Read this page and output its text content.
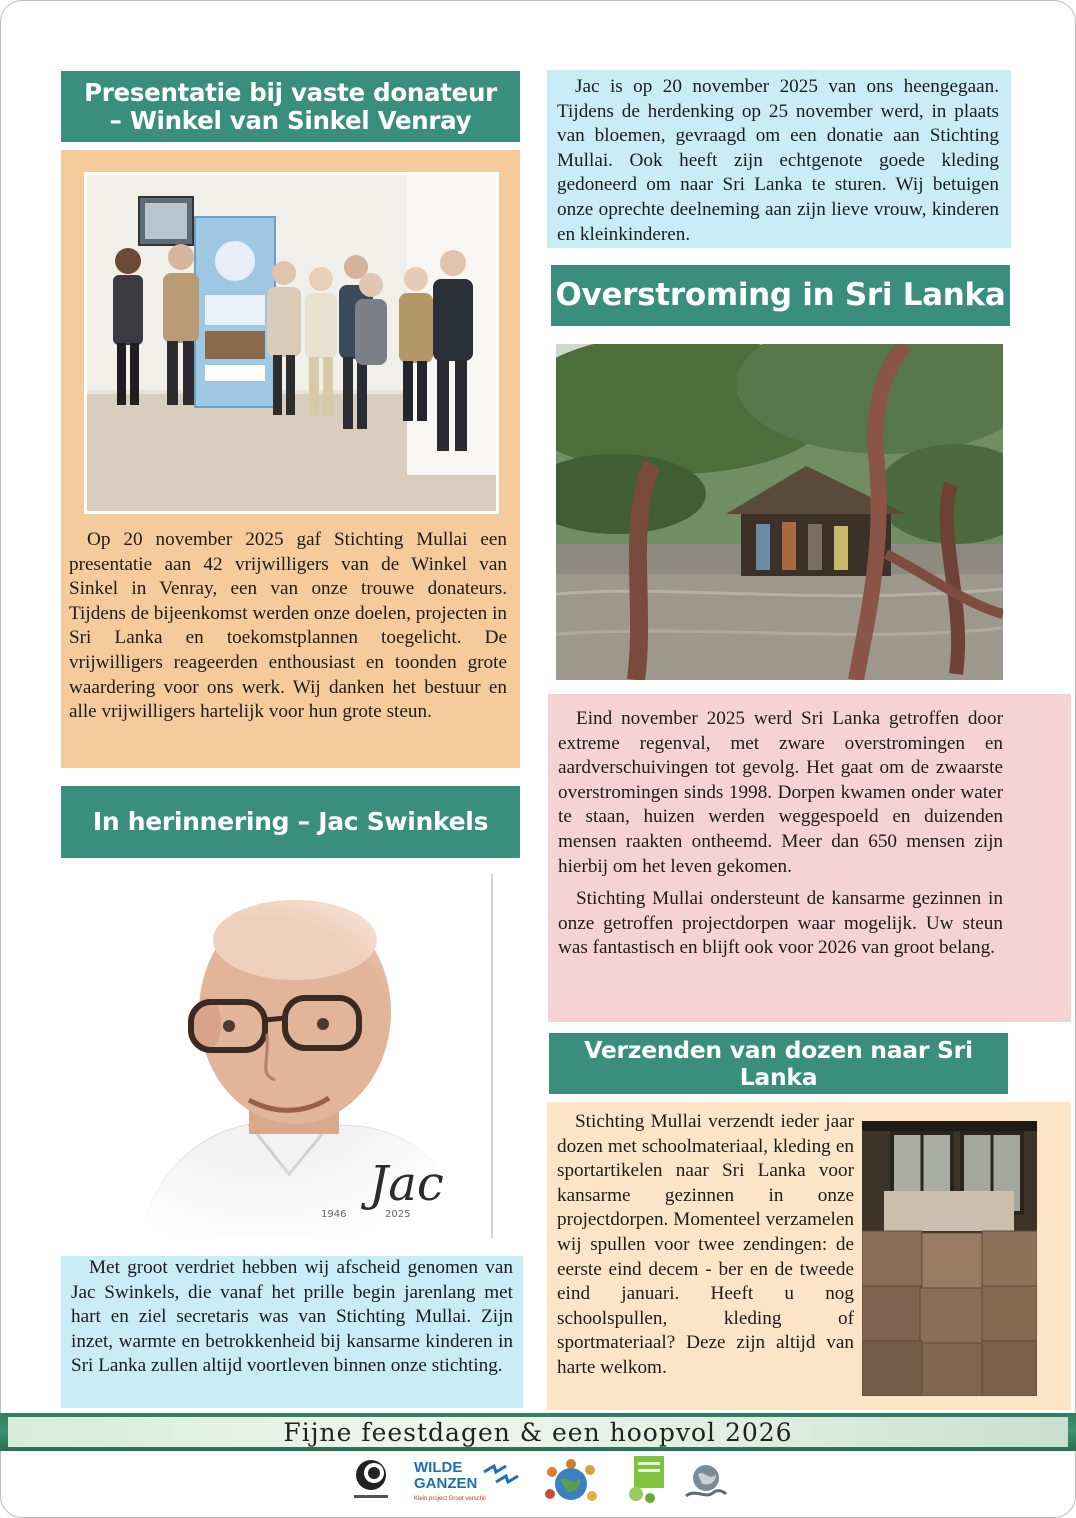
Presentatie bij vaste donateur – Winkel van Sinkel Venray

Op 20 november 2025 gaf Stichting Mullai een presentatie aan 42 vrijwilligers van de Winkel van Sinkel in Venray, een van onze trouwe donateurs. Tijdens de bijeenkomst werden onze doelen, projecten in Sri Lanka en toekomstplannen toegelicht. De vrijwilligers reageerden enthousiast en toonden grote waardering voor ons werk. Wij danken het bestuur en alle vrijwilligers hartelijk voor hun grote steun.

In herinnering – Jac Swinkels
Jac
1946	2025

Met groot verdriet hebben wij afscheid genomen van Jac Swinkels, die vanaf het prille begin jarenlang met hart en ziel secretaris was van Stichting Mullai. Zijn inzet, warmte en betrokkenheid bij kansarme kinderen in Sri Lanka zullen altijd voortleven binnen onze stichting.

Jac is op 20 november 2025 van ons heengegaan. Tijdens de herdenking op 25 november werd, in plaats van bloemen, gevraagd om een donatie aan Stichting Mullai. Ook heeft zijn echtgenote goede kleding gedoneerd om naar Sri Lanka te sturen. Wij betuigen onze oprechte deelneming aan zijn lieve vrouw, kinderen en kleinkinderen.

Overstroming in Sri Lanka

Eind november 2025 werd Sri Lanka getroffen door extreme regenval, met zware overstromingen en aardverschuivingen tot gevolg. Het gaat om de zwaarste overstromingen sinds 1998. Dorpen kwamen onder water te staan, huizen werden weggespoeld en duizenden mensen raakten ontheemd. Meer dan 650 mensen zijn hierbij om het leven gekomen.

Stichting Mullai ondersteunt de kansarme gezinnen in onze getroffen projectdorpen waar mogelijk. Uw steun was fantastisch en blijft ook voor 2026 van groot belang.

Verzenden van dozen naar Sri Lanka

Stichting Mullai verzendt ieder jaar dozen met schoolmateriaal, kleding en sportartikelen naar Sri Lanka voor kansarme gezinnen in onze projectdorpen. Momenteel verzamelen wij spullen voor twee zendingen: de eerste eind decem - ber en de tweede eind januari. Heeft u nog schoolspullen, kleding of sportmateriaal? Deze zijn altijd van harte welkom.

Fijne feestdagen & een hoopvol 2026
WILDE GANZEN
Klein project Groot verschil
